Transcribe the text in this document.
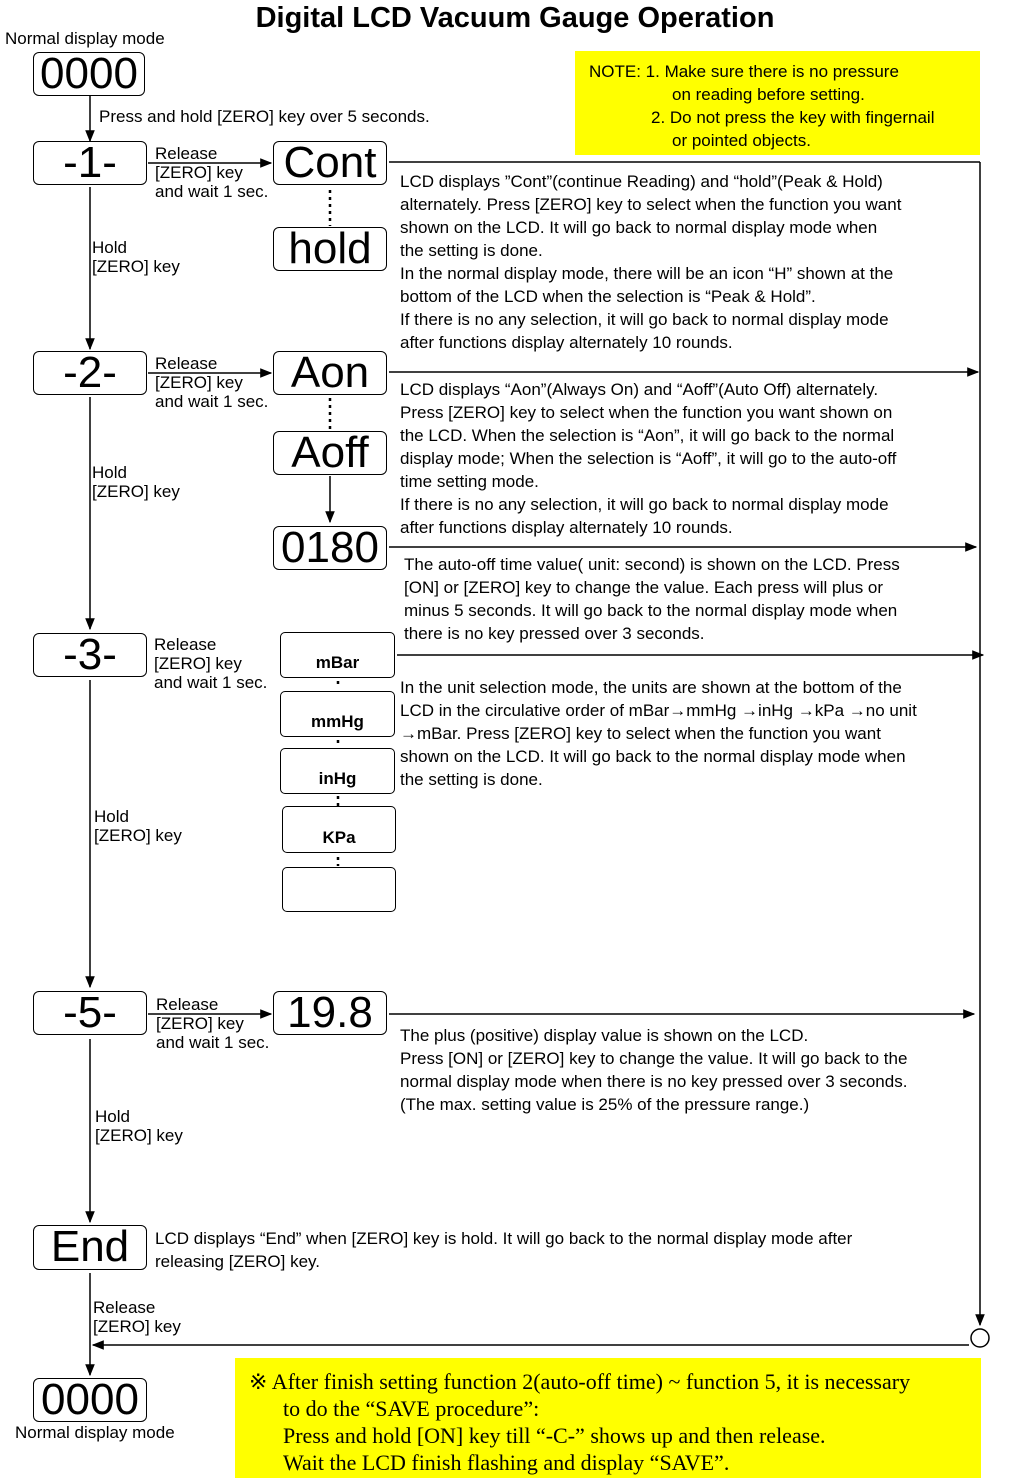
Digital LCD Vacuum Gauge Operation
Normal display mode
0000
Press and hold [ZERO] key over 5 seconds.
NOTE: 1. Make sure there is no pressure
on reading before setting.
2. Do not press the key with fingernail
or pointed objects.
-1-	Release
[ZERO] key
and wait 1 sec.
Cont
hold
LCD displays ”Cont”(continue Reading) and “hold”(Peak & Hold)
alternately. Press [ZERO] key to select when the function you want
shown on the LCD. It will go back to normal display mode when
the setting is done.
In the normal display mode, there will be an icon “H” shown at the
bottom of the LCD when the selection is “Peak & Hold”.
If there is no any selection, it will go back to normal display mode
after functions display alternately 10 rounds.
Hold
[ZERO] key
-2-	Release
[ZERO] key
and wait 1 sec.
Aon
Aoff
0180
LCD displays “Aon”(Always On) and “Aoff”(Auto Off) alternately.
Press [ZERO] key to select when the function you want shown on
the LCD. When the selection is “Aon”, it will go back to the normal
display mode; When the selection is “Aoff”, it will go to the auto-off
time setting mode.
If there is no any selection, it will go back to normal display mode
after functions display alternately 10 rounds.
The auto-off time value( unit: second) is shown on the LCD. Press
[ON] or [ZERO] key to change the value. Each press will plus or
minus 5 seconds. It will go back to the normal display mode when
there is no key pressed over 3 seconds.
Hold
[ZERO] key
-3-	Release
[ZERO] key
and wait 1 sec.
mBar
mmHg
inHg
KPa
In the unit selection mode, the units are shown at the bottom of the
LCD in the circulative order of mBar→mmHg →inHg →kPa →no unit
→mBar. Press [ZERO] key to select when the function you want
shown on the LCD. It will go back to the normal display mode when
the setting is done.
Hold
[ZERO] key
-5-	Release
[ZERO] key
and wait 1 sec.
19.8	The plus (positive) display value is shown on the LCD.
Press [ON] or [ZERO] key to change the value. It will go back to the
normal display mode when there is no key pressed over 3 seconds.
(The max. setting value is 25% of the pressure range.)
Hold
[ZERO] key
End	LCD displays “End” when [ZERO] key is hold. It will go back to the normal display mode after
releasing [ZERO] key.
Release
[ZERO] key
0000
Normal display mode
※ After finish setting function 2(auto-off time) ~ function 5, it is necessary
to do the “SAVE procedure”:
Press and hold [ON] key till “-C-” shows up and then release.
Wait the LCD finish flashing and display “SAVE”.
